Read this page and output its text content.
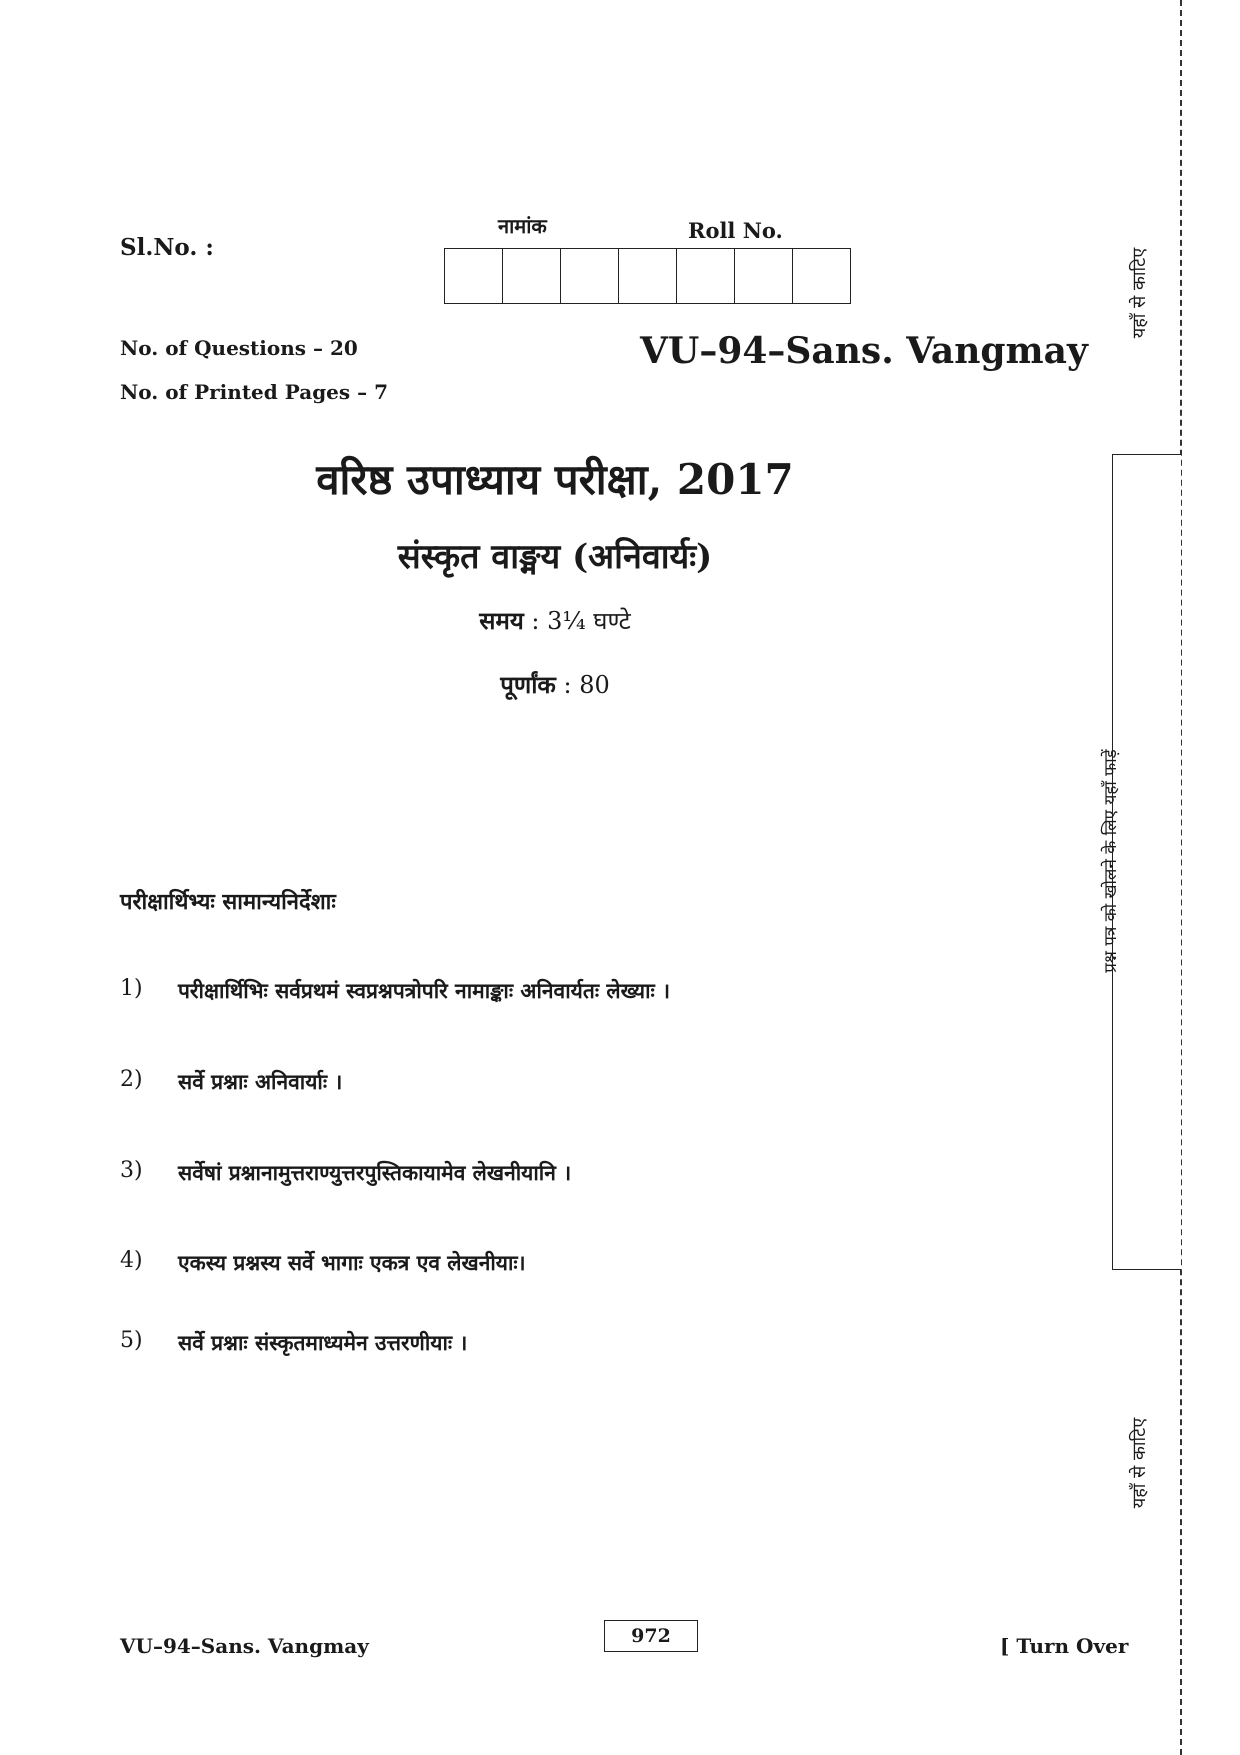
Sl.No. :
नामांक	Roll No.
No. of Questions – 20
No. of Printed Pages – 7
VU–94–Sans. Vangmay
वरिष्ठ उपाध्याय परीक्षा, 2017
संस्कृत वाङ्मय (अनिवार्यः)
समय : 3¼ घण्टे
पूर्णांक : 80
परीक्षार्थिभ्यः सामान्यनिर्देशाः
1) परीक्षार्थिभिः सर्वप्रथमं स्वप्रश्नपत्रोपरि नामाङ्काः अनिवार्यतः लेख्याः ।
2) सर्वे प्रश्नाः अनिवार्याः ।
3) सर्वेषां प्रश्नानामुत्तराण्युत्तरपुस्तिकायामेव लेखनीयानि ।
4) एकस्य प्रश्नस्य सर्वे भागाः एकत्र एव लेखनीयाः।
5) सर्वे प्रश्नाः संस्कृतमाध्यमेन उत्तरणीयाः ।
यहाँ से काटिए
प्रश्न पत्र को खोलने के लिए यहाँ फाड़ें
यहाँ से काटिए
VU–94–Sans. Vangmay	972	[ Turn Over
